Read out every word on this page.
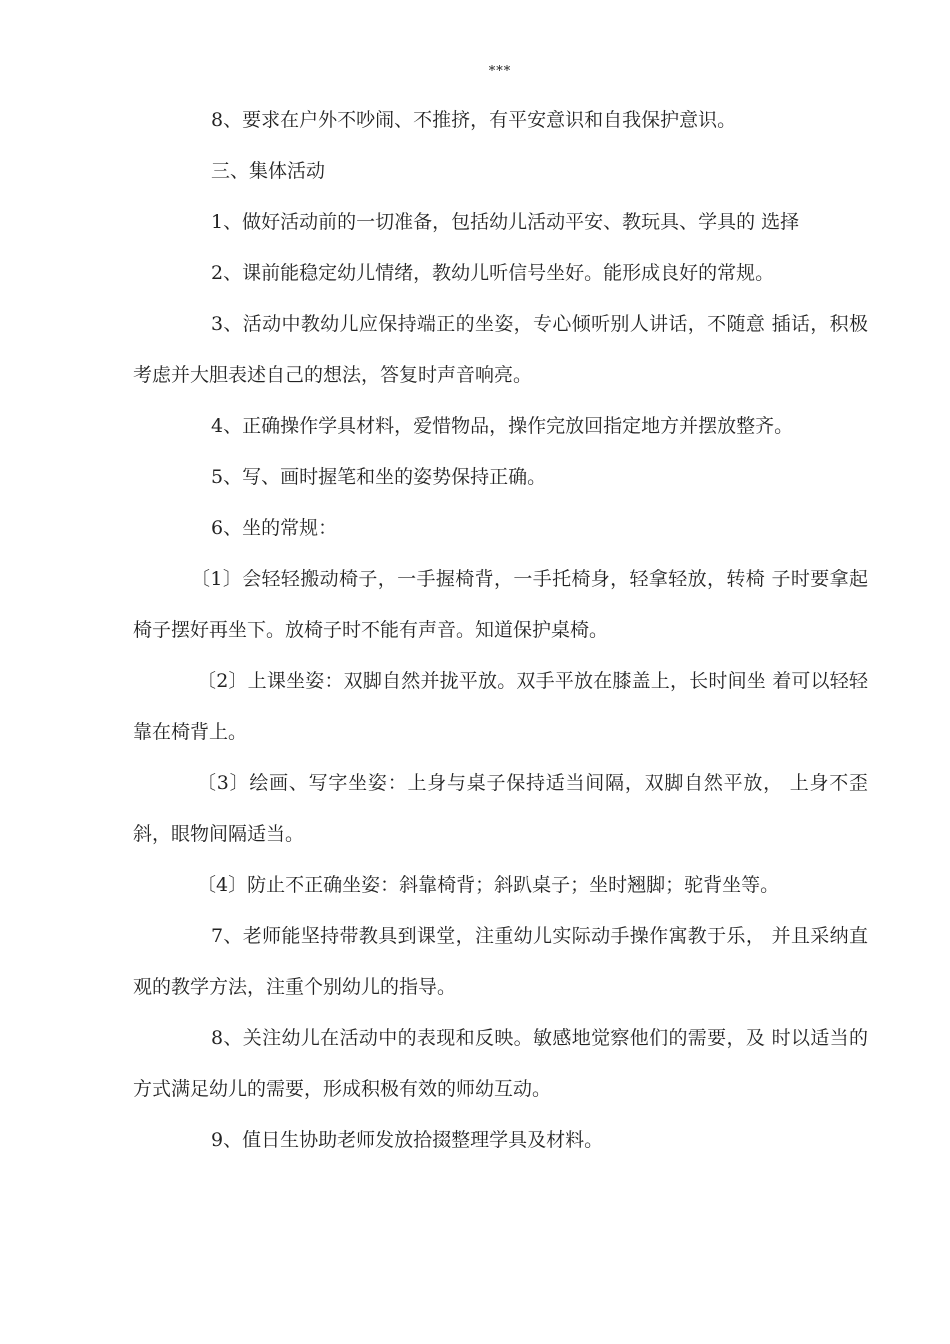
***

8、要求在户外不吵闹、不推挤，有平安意识和自我保护意识。

三、集体活动

1、做好活动前的一切准备，包括幼儿活动平安、教玩具、学具的 选择

2、课前能稳定幼儿情绪，教幼儿听信号坐好。能形成良好的常规。

3、活动中教幼儿应保持端正的坐姿，专心倾听别人讲话，不随意 插话，积极考虑并大胆表述自己的想法，答复时声音响亮。

4、正确操作学具材料，爱惜物品，操作完放回指定地方并摆放整齐。

5、写、画时握笔和坐的姿势保持正确。

6、坐的常规：

〔1〕会轻轻搬动椅子，一手握椅背，一手托椅身，轻拿轻放，转椅 子时要拿起椅子摆好再坐下。放椅子时不能有声音。知道保护桌椅。

〔2〕上课坐姿：双脚自然并拢平放。双手平放在膝盖上，长时间坐 着可以轻轻靠在椅背上。

〔3〕绘画、写字坐姿：上身与桌子保持适当间隔，双脚自然平放， 上身不歪斜，眼物间隔适当。

〔4〕防止不正确坐姿：斜靠椅背；斜趴桌子；坐时翘脚；驼背坐等。

7、老师能坚持带教具到课堂，注重幼儿实际动手操作寓教于乐， 并且采纳直观的教学方法，注重个别幼儿的指导。

8、关注幼儿在活动中的表现和反映。敏感地觉察他们的需要，及 时以适当的方式满足幼儿的需要，形成积极有效的师幼互动。

9、值日生协助老师发放拾掇整理学具及材料。
